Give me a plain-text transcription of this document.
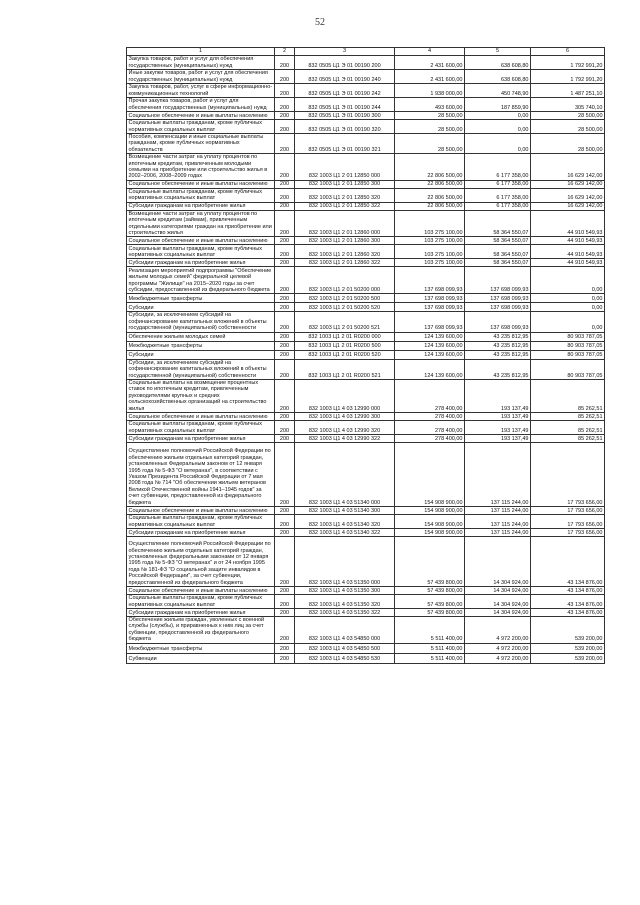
52
1	2	3	4	5	6
Закупка товаров, работ и услуг для обеспечения государственных (муниципальных) нужд	200	832 0505 Ц1 Э 01 00190 200	2 431 600,00	638 608,80	1 792 991,20
Иные закупки товаров, работ и услуг для обеспечения государственных (муниципальных) нужд	200	832 0505 Ц1 Э 01 00190 240	2 431 600,00	638 608,80	1 792 991,20
Закупка товаров, работ, услуг в сфере информационно-коммуникационных технологий	200	832 0505 Ц1 Э 01 00190 242	1 938 000,00	450 748,90	1 487 251,10
Прочая закупка товаров, работ и услуг для обеспечения государственных (муниципальных) нужд	200	832 0505 Ц1 Э 01 00190 244	493 600,00	187 859,90	305 740,10
Социальное обеспечение и иные выплаты населению	200	832 0505 Ц1 Э 01 00190 300	28 500,00	0,00	28 500,00
Социальные выплаты гражданам, кроме публичных нормативных социальных выплат	200	832 0505 Ц1 Э 01 00190 320	28 500,00	0,00	28 500,00
Пособия, компенсации и иные социальные выплаты гражданам, кроме публичных нормативных обязательств	200	832 0505 Ц1 Э 01 00190 321	28 500,00	0,00	28 500,00
Возмещение части затрат на уплату процентов по ипотечным кредитам, привлеченным молодыми семьями на приобретение или строительство жилья в 2002–2006, 2008–2009 годах	200	832 1003 Ц1 2 01 12850 000	22 806 500,00	6 177 358,00	16 629 142,00
Социальное обеспечение и иные выплаты населению	200	832 1003 Ц1 2 01 12850 300	22 806 500,00	6 177 358,00	16 629 142,00
Социальные выплаты гражданам, кроме публичных нормативных социальных выплат	200	832 1003 Ц1 2 01 12850 320	22 806 500,00	6 177 358,00	16 629 142,00
Субсидии гражданам на приобретение жилья	200	832 1003 Ц1 2 01 12850 322	22 806 500,00	6 177 358,00	16 629 142,00
Возмещение части затрат на уплату процентов по ипотечным кредитам (займам), привлеченным отдельными категориями граждан на приобретение или строительство жилья	200	832 1003 Ц1 2 01 12860 000	103 275 100,00	58 364 550,07	44 910 549,93
Социальное обеспечение и иные выплаты населению	200	832 1003 Ц1 2 01 12860 300	103 275 100,00	58 364 550,07	44 910 549,93
Социальные выплаты гражданам, кроме публичных нормативных социальных выплат	200	832 1003 Ц1 2 01 12860 320	103 275 100,00	58 364 550,07	44 910 549,93
Субсидии гражданам на приобретение жилья	200	832 1003 Ц1 2 01 12860 322	103 275 100,00	58 364 550,07	44 910 549,93
Реализация мероприятий подпрограммы "Обеспечение жильем молодых семей" федеральной целевой программы "Жилище" на 2015–2020 годы за счет субсидии, предоставленной из федерального бюджета	200	832 1003 Ц1 2 01 50200 000	137 698 099,93	137 698 099,93	0,00
Межбюджетные трансферты	200	832 1003 Ц1 2 01 50200 500	137 698 099,93	137 698 099,93	0,00
Субсидии	200	832 1003 Ц1 2 01 50200 520	137 698 099,93	137 698 099,93	0,00
Субсидии, за исключением субсидий на софинансирование капитальных вложений в объекты государственной (муниципальной) собственности	200	832 1003 Ц1 2 01 50200 521	137 698 099,93	137 698 099,93	0,00
Обеспечение жильем молодых семей	200	832 1003 Ц1 2 01 R0200 000	124 139 600,00	43 235 812,95	80 903 787,05
Межбюджетные трансферты	200	832 1003 Ц1 2 01 R0200 500	124 139 600,00	43 235 812,95	80 903 787,05
Субсидии	200	832 1003 Ц1 2 01 R0200 520	124 139 600,00	43 235 812,95	80 903 787,05
Субсидии, за исключением субсидий на софинансирование капитальных вложений в объекты государственной (муниципальной) собственности	200	832 1003 Ц1 2 01 R0200 521	124 139 600,00	43 235 812,95	80 903 787,05
Социальные выплаты на возмещение процентных ставок по ипотечным кредитам, привлеченным руководителями крупных и средних сельскохозяйственных организаций на строительство жилья	200	832 1003 Ц1 4 03 12990 000	278 400,00	193 137,49	85 262,51
Социальное обеспечение и иные выплаты населению	200	832 1003 Ц1 4 03 12990 300	278 400,00	193 137,49	85 262,51
Социальные выплаты гражданам, кроме публичных нормативных социальных выплат	200	832 1003 Ц1 4 03 12990 320	278 400,00	193 137,49	85 262,51
Субсидии гражданам на приобретение жилья	200	832 1003 Ц1 4 03 12990 322	278 400,00	193 137,49	85 262,51
Осуществление полномочий Российской Федерации по обеспечению жильем отдельных категорий граждан, установленных Федеральным законом от 12 января 1995 года № 5-ФЗ "О ветеранах", в соответствии с Указом Президента Российской Федерации от 7 мая 2008 года № 714 "Об обеспечении жильем ветеранов Великой Отечественной войны 1941–1945 годов" за счет субвенции, предоставленной из федерального бюджета	200	832 1003 Ц1 4 03 51340 000	154 908 900,00	137 115 244,00	17 793 656,00
Социальное обеспечение и иные выплаты населению	200	832 1003 Ц1 4 03 51340 300	154 908 900,00	137 115 244,00	17 793 656,00
Социальные выплаты гражданам, кроме публичных нормативных социальных выплат	200	832 1003 Ц1 4 03 51340 320	154 908 900,00	137 115 244,00	17 793 656,00
Субсидии гражданам на приобретение жилья	200	832 1003 Ц1 4 03 51340 322	154 908 900,00	137 115 244,00	17 793 656,00
Осуществление полномочий Российской Федерации по обеспечению жильем отдельных категорий граждан, установленных федеральными законами от 12 января 1995 года № 5-ФЗ "О ветеранах" и от 24 ноября 1995 года № 181-ФЗ "О социальной защите инвалидов в Российской Федерации", за счет субвенции, предоставленной из федерального бюджета	200	832 1003 Ц1 4 03 51350 000	57 439 800,00	14 304 924,00	43 134 876,00
Социальное обеспечение и иные выплаты населению	200	832 1003 Ц1 4 03 51350 300	57 439 800,00	14 304 924,00	43 134 876,00
Социальные выплаты гражданам, кроме публичных нормативных социальных выплат	200	832 1003 Ц1 4 03 51350 320	57 439 800,00	14 304 924,00	43 134 876,00
Субсидии гражданам на приобретение жилья	200	832 1003 Ц1 4 03 51350 322	57 439 800,00	14 304 924,00	43 134 876,00
Обеспечение жильем граждан, уволенных с военной службы (службы), и приравненных к ним лиц за счет субвенции, предоставленной из федерального бюджета	200	832 1003 Ц1 4 03 54850 000	5 511 400,00	4 972 200,00	539 200,00
Межбюджетные трансферты	200	832 1003 Ц1 4 03 54850 500	5 511 400,00	4 972 200,00	539 200,00
Субвенции	200	832 1003 Ц1 4 03 54850 530	5 511 400,00	4 972 200,00	539 200,00
